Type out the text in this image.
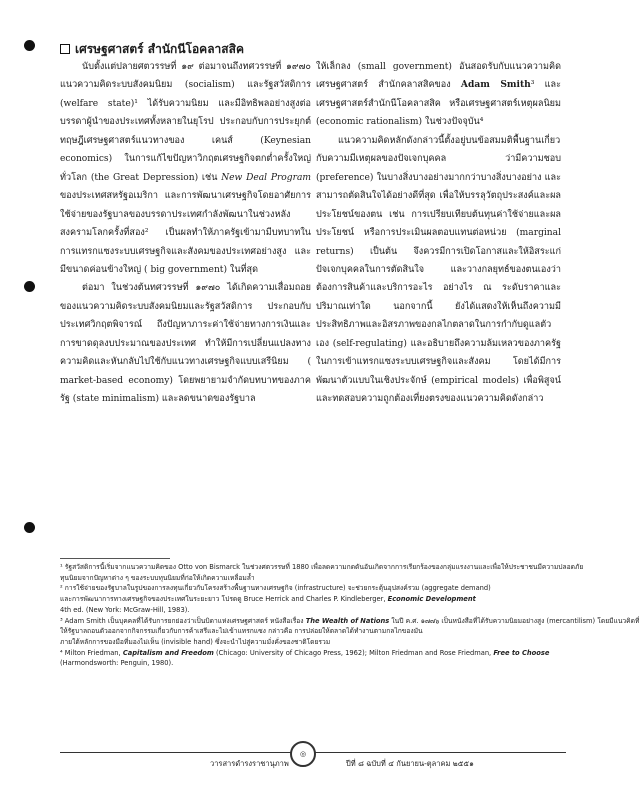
เศรษฐศาสตร์ สำนักนีโอคลาสสิค

นับตั้งแต่ปลายศตวรรษที่ ๑๙ ต่อมาจนถึงทศวรรษที่ ๑๙๗๐ แนวความคิดระบบสังคมนิยม (socialism) และรัฐสวัสดิการ (welfare state)¹ ได้รับความนิยม และมีอิทธิพลอย่างสูงต่อบรรดาผู้นำของประเทศทั้งหลายในยุโรป ประกอบกับการประยุกต์ทฤษฎีเศรษฐศาสตร์แนวทางของ เคนส์ (Keynesian economics) ในการแก้ไขปัญหาวิกฤตเศรษฐกิจตกต่ำครั้งใหญ่ทั่วโลก (the Great Depression) เช่น New Deal Program ของประเทศสหรัฐอเมริกา และการพัฒนาเศรษฐกิจโดยอาศัยการใช้จ่ายของรัฐบาลของบรรดาประเทศกำลังพัฒนาในช่วงหลังสงครามโลกครั้งที่สอง² เป็นผลทำให้ภาครัฐเข้ามามีบทบาทในการแทรกแซงระบบเศรษฐกิจและสังคมของประเทศอย่างสูง และมีขนาดค่อนข้างใหญ่ ( big government) ในที่สุด

ต่อมา ในช่วงต้นทศวรรษที่ ๑๙๗๐ ได้เกิดความเสื่อมถอยของแนวความคิดระบบสังคมนิยมและรัฐสวัสดิการ ประกอบกับประเทศวิกฤตพิจารณ์ ถึงปัญหาภาระค่าใช้จ่ายทางการเงินและการขาดดุลงบประมาณของประเทศ ทำให้มีการเปลี่ยนแปลงทางความคิดและหันกลับไปใช้กับแนวทางเศรษฐกิจแบบเสรีนิยม ( market-based economy) โดยพยายามจำกัดบทบาทของภาครัฐ (state minimalism) และลดขนาดของรัฐบาล

ให้เล็กลง (small government) อันสอดรับกับแนวความคิดเศรษฐศาสตร์ สำนักคลาสสิคของ Adam Smith³ และเศรษฐศาสตร์สำนักนีโอคลาสสิค หรือเศรษฐศาสตร์เหตุผลนิยม (economic rationalism) ในช่วงปัจจุบัน⁴

แนวความคิดหลักดังกล่าวนี้ตั้งอยู่บนข้อสมมติพื้นฐานเกี่ยวกับความมีเหตุผลของปัจเจกบุคคล ว่ามีความชอบ (preference) ในบางสิ่งบางอย่างมากกว่าบางสิ่งบางอย่าง และสามารถตัดสินใจได้อย่างดีที่สุด เพื่อให้บรรลุวัตถุประสงค์และผลประโยชน์ของตน เช่น การเปรียบเทียบต้นทุนค่าใช้จ่ายและผลประโยชน์ หรือการประเมินผลตอบแทนต่อหน่วย (marginal returns) เป็นต้น จึงควรมีการเปิดโอกาสและให้อิสระแก่ปัจเจกบุคคลในการตัดสินใจ และวางกลยุทธ์ของตนเองว่าต้องการสินค้าและบริการอะไร อย่างไร ณ ระดับราคาและปริมาณเท่าใด นอกจากนี้ ยังได้แสดงให้เห็นถึงความมีประสิทธิภาพและอิสรภาพของกลไกตลาดในการกำกับดูแลตัวเอง (self-regulating) และอธิบายถึงความล้มเหลวของภาครัฐในการเข้าแทรกแซงระบบเศรษฐกิจและสังคม โดยได้มีการพัฒนาตัวแบบในเชิงประจักษ์ (empirical models) เพื่อพิสูจน์และทดสอบความถูกต้องเที่ยงตรงของแนวความคิดดังกล่าว

¹ รัฐสวัสดิการนี้เริ่มจากแนวความคิดของ Otto von Bismarck ในช่วงศตวรรษที่ 1880 เพื่อลดความกดดันอันเกิดจากการเรียกร้องของกลุ่มแรงงานและเพื่อให้ประชาชนมีความปลอดภัย
ทุนนิยมจากปัญหาต่าง ๆ ของระบบทุนนิยมที่ก่อให้เกิดความเหลื่อมล้ำ
² การใช้จ่ายของรัฐบาลในรูปของการลงทุนเกี่ยวกับโครงสร้างพื้นฐานทางเศรษฐกิจ (infrastructure) จะช่วยกระตุ้นอุปสงค์รวม (aggregate demand)
และการพัฒนาการทางเศรษฐกิจของประเทศในระยะยาว โปรดดู Bruce Herrick and Charles P. Kindleberger, Economic Development
4th ed. (New York: McGraw-Hill, 1983).
³ Adam Smith เป็นบุคคลที่ได้รับการยกย่องว่าเป็นบิดาแห่งเศรษฐศาสตร์ หนังสือเรื่อง The Wealth of Nations ในปี ค.ศ. ๑๗๗๖ เป็นหนังสือที่ได้รับความนิยมอย่างสูง (mercantilism) โดยมีแนวคิดที่
ให้รัฐบาลถอนตัวออกจากกิจกรรมเกี่ยวกับการค้าเสรีและไม่เข้าแทรกแซง กล่าวคือ การปล่อยให้ตลาดได้ทำงานตามกลไกของมัน
ภายใต้หลักการของมือที่มองไม่เห็น (invisible hand) ซึ่งจะนำไปสู่ความมั่งคั่งของชาติโดยรวม
⁴ Milton Friedman, Capitalism and Freedom (Chicago: University of Chicago Press, 1962); Milton Friedman and Rose Friedman, Free to Choose
(Harmondsworth: Penguin, 1980).
วารสารดำรงราชานุภาพ
◎
ปีที่ ๘ ฉบับที่ ๔ กันยายน-ตุลาคม ๒๕๕๑
